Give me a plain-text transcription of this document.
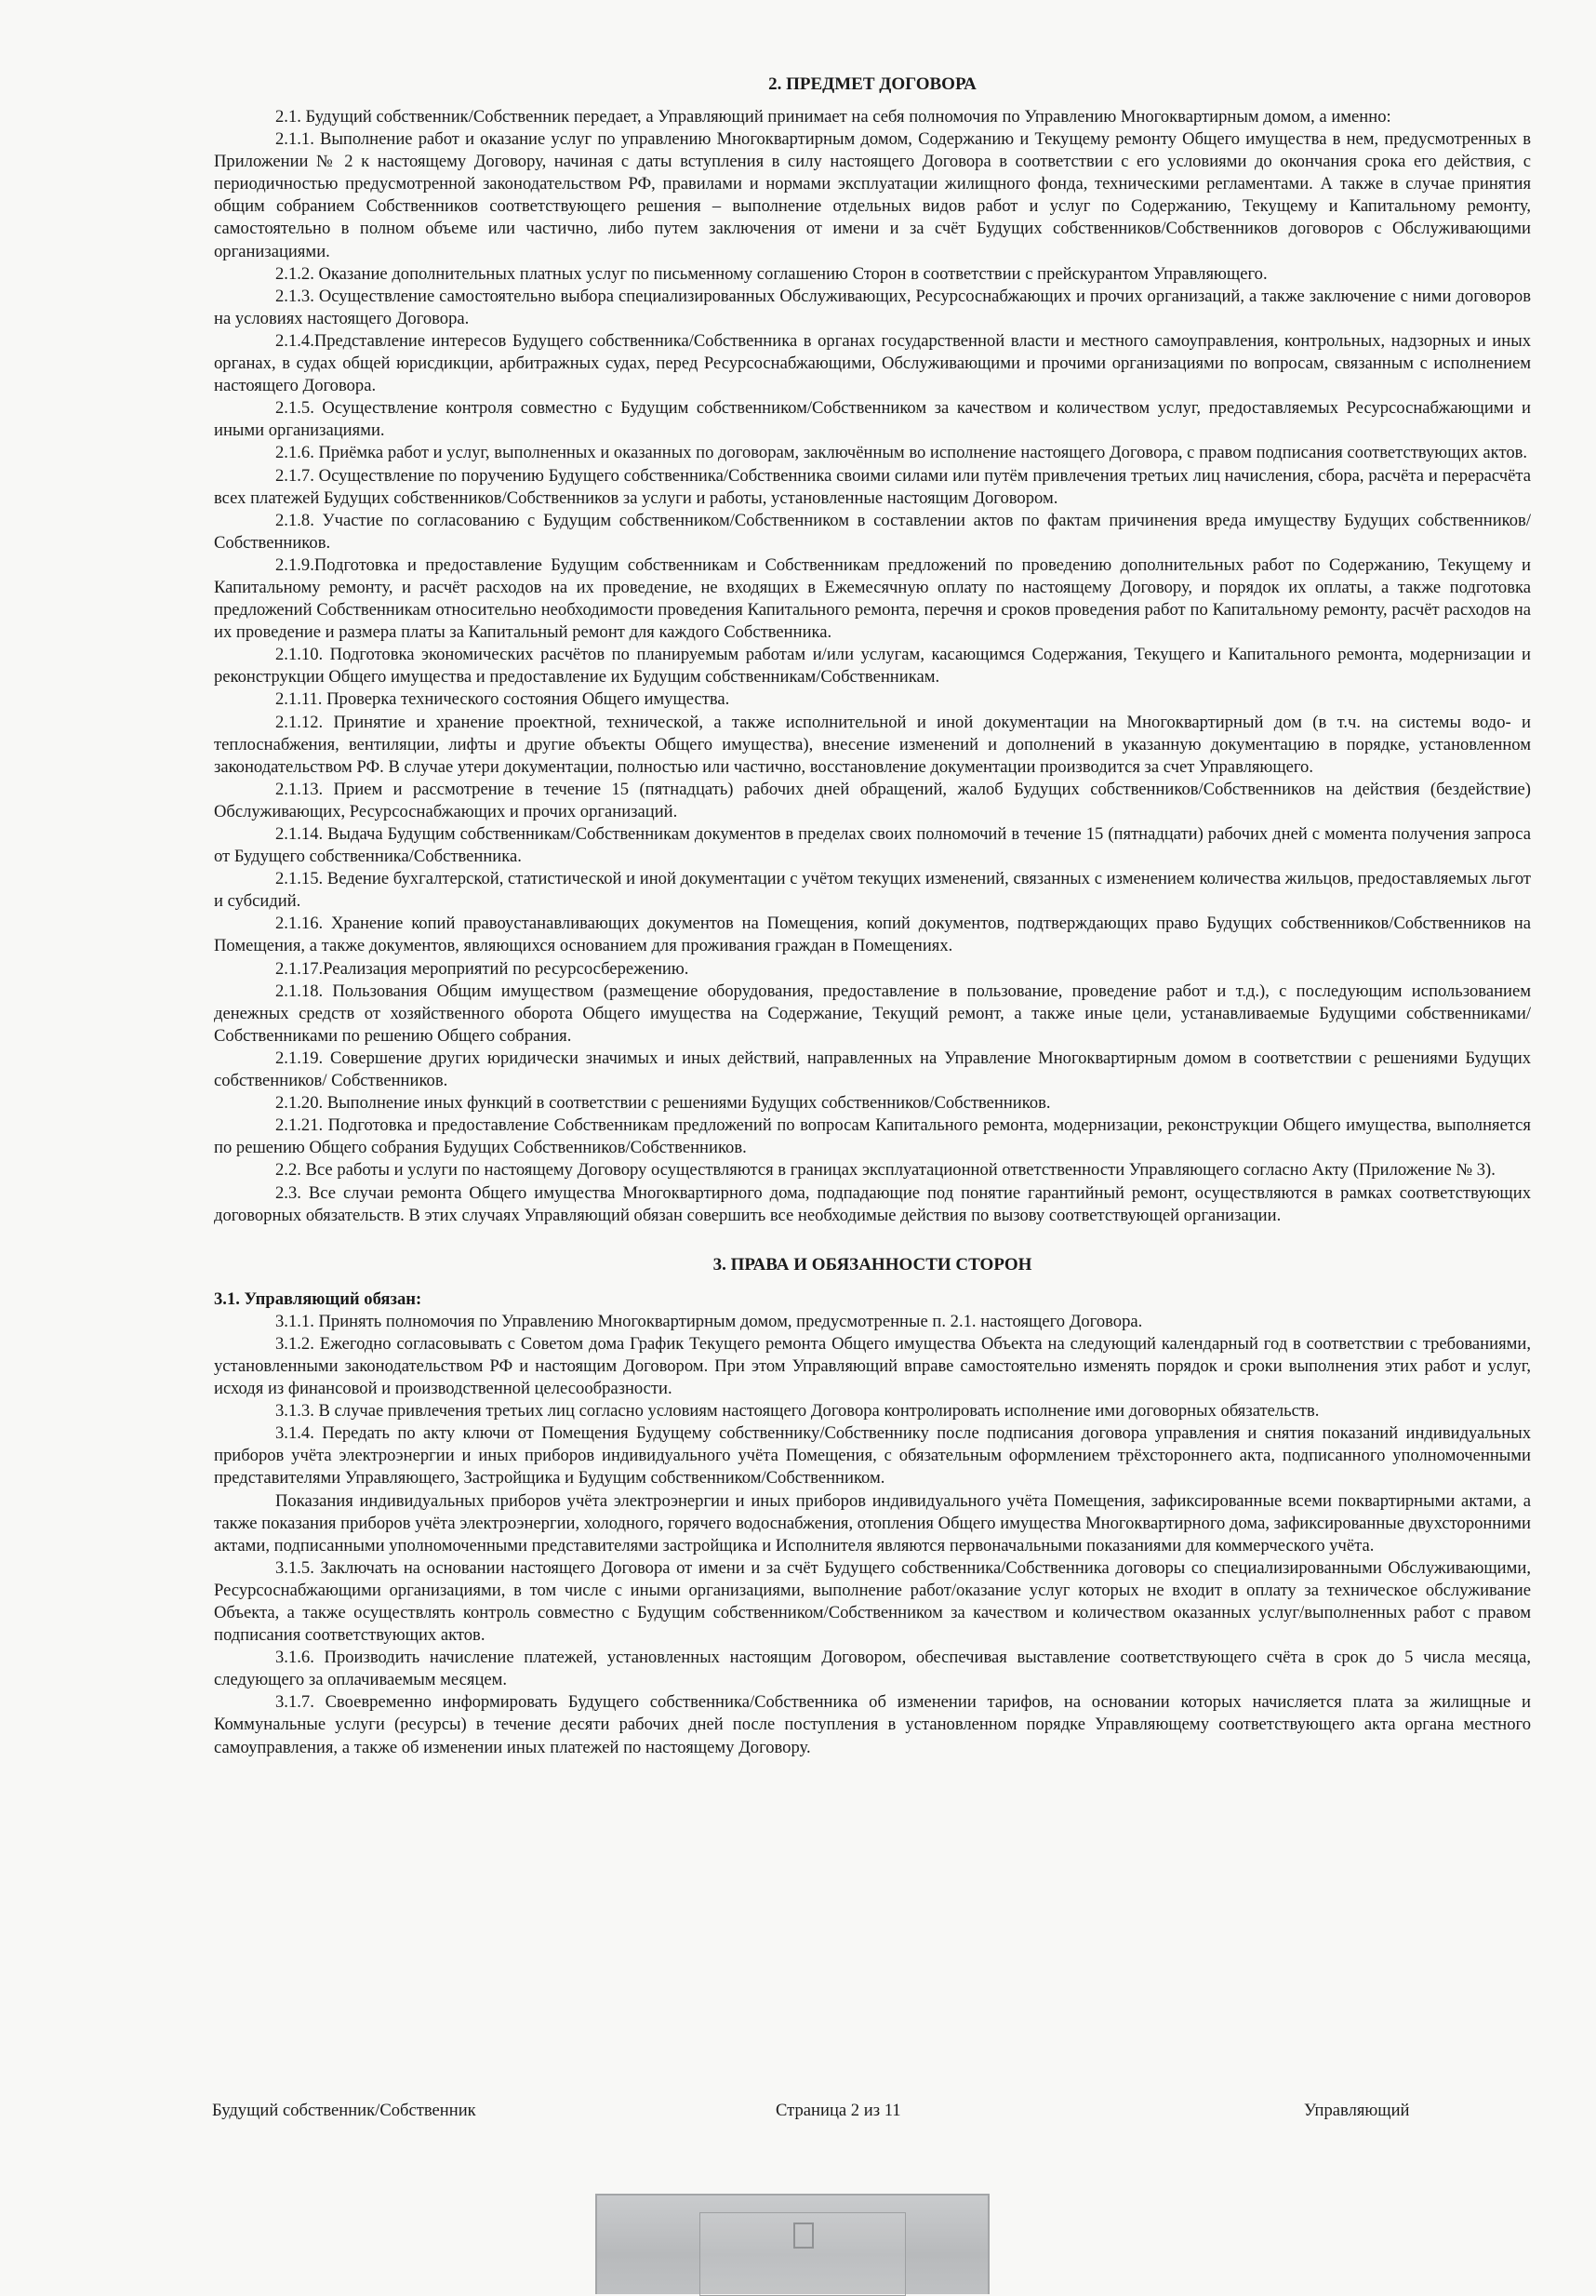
2. ПРЕДМЕТ ДОГОВОРА

2.1. Будущий собственник/Собственник передает, а Управляющий принимает на себя полномочия по Управлению Многоквартирным домом, а именно:

2.1.1. Выполнение работ и оказание услуг по управлению Многоквартирным домом, Содержанию и Текущему ремонту Общего имущества в нем, предусмотренных в Приложении № 2 к настоящему Договору, начиная с даты вступления в силу настоящего Договора в соответствии с его условиями до окончания срока его действия, с периодичностью предусмотренной законодательством РФ, правилами и нормами эксплуатации жилищного фонда, техническими регламентами. А также в случае принятия общим собранием Собственников соответствующего решения – выполнение отдельных видов работ и услуг по Содержанию, Текущему и Капитальному ремонту, самостоятельно в полном объеме или частично, либо путем заключения от имени и за счёт Будущих собственников/Собственников договоров с Обслуживающими организациями.

2.1.2. Оказание дополнительных платных услуг по письменному соглашению Сторон в соответствии с прейскурантом Управляющего.

2.1.3. Осуществление самостоятельно выбора специализированных Обслуживающих, Ресурсоснабжающих и прочих организаций, а также заключение с ними договоров на условиях настоящего Договора.

2.1.4.Представление интересов Будущего собственника/Собственника в органах государственной власти и местного самоуправления, контрольных, надзорных и иных органах, в судах общей юрисдикции, арбитражных судах, перед Ресурсоснабжающими, Обслуживающими и прочими организациями по вопросам, связанным с исполнением настоящего Договора.

2.1.5. Осуществление контроля совместно с Будущим собственником/Собственником за качеством и количеством услуг, предоставляемых Ресурсоснабжающими и иными организациями.

2.1.6. Приёмка работ и услуг, выполненных и оказанных по договорам, заключённым во исполнение настоящего Договора, с правом подписания соответствующих актов.

2.1.7. Осуществление по поручению Будущего собственника/Собственника своими силами или путём привлечения третьих лиц начисления, сбора, расчёта и перерасчёта всех платежей Будущих собственников/Собственников за услуги и работы, установленные настоящим Договором.

2.1.8. Участие по согласованию с Будущим собственником/Собственником в составлении актов по фактам причинения вреда имуществу Будущих собственников/Собственников.

2.1.9.Подготовка и предоставление Будущим собственникам и Собственникам предложений по проведению дополнительных работ по Содержанию, Текущему и Капитальному ремонту, и расчёт расходов на их проведение, не входящих в Ежемесячную оплату по настоящему Договору, и порядок их оплаты, а также подготовка предложений Собственникам относительно необходимости проведения Капитального ремонта, перечня и сроков проведения работ по Капитальному ремонту, расчёт расходов на их проведение и размера платы за Капитальный ремонт для каждого Собственника.

2.1.10. Подготовка экономических расчётов по планируемым работам и/или услугам, касающимся Содержания, Текущего и Капитального ремонта, модернизации и реконструкции Общего имущества и предоставление их Будущим собственникам/Собственникам.

2.1.11. Проверка технического состояния Общего имущества.

2.1.12. Принятие и хранение проектной, технической, а также исполнительной и иной документации на Многоквартирный дом (в т.ч. на системы водо- и теплоснабжения, вентиляции, лифты и другие объекты Общего имущества), внесение изменений и дополнений в указанную документацию в порядке, установленном законодательством РФ. В случае утери документации, полностью или частично, восстановление документации производится за счет Управляющего.

2.1.13. Прием и рассмотрение в течение 15 (пятнадцать) рабочих дней обращений, жалоб Будущих собственников/Собственников на действия (бездействие) Обслуживающих, Ресурсоснабжающих и прочих организаций.

2.1.14. Выдача Будущим собственникам/Собственникам документов в пределах своих полномочий в течение 15 (пятнадцати) рабочих дней с момента получения запроса от Будущего собственника/Собственника.

2.1.15. Ведение бухгалтерской, статистической и иной документации с учётом текущих изменений, связанных с изменением количества жильцов, предоставляемых льгот и субсидий.

2.1.16. Хранение копий правоустанавливающих документов на Помещения, копий документов, подтверждающих право Будущих собственников/Собственников на Помещения, а также документов, являющихся основанием для проживания граждан в Помещениях.

2.1.17.Реализация мероприятий по ресурсосбережению.

2.1.18. Пользования Общим имуществом (размещение оборудования, предоставление в пользование, проведение работ и т.д.), с последующим использованием денежных средств от хозяйственного оборота Общего имущества на Содержание, Текущий ремонт, а также иные цели, устанавливаемые Будущими собственниками/Собственниками по решению Общего собрания.

2.1.19. Совершение других юридически значимых и иных действий, направленных на Управление Многоквартирным домом в соответствии с решениями Будущих собственников/ Собственников.

2.1.20. Выполнение иных функций в соответствии с решениями Будущих собственников/Собственников.

2.1.21. Подготовка и предоставление Собственникам предложений по вопросам Капитального ремонта, модернизации, реконструкции Общего имущества, выполняется по решению Общего собрания Будущих Собственников/Собственников.

2.2. Все работы и услуги по настоящему Договору осуществляются в границах эксплуатационной ответственности Управляющего согласно Акту (Приложение № 3).

2.3. Все случаи ремонта Общего имущества Многоквартирного дома, подпадающие под понятие гарантийный ремонт, осуществляются в рамках соответствующих договорных обязательств. В этих случаях Управляющий обязан совершить все необходимые действия по вызову соответствующей организации.

3. ПРАВА И ОБЯЗАННОСТИ СТОРОН

3.1. Управляющий обязан:

3.1.1. Принять полномочия по Управлению Многоквартирным домом, предусмотренные п. 2.1. настоящего Договора.

3.1.2. Ежегодно согласовывать с Советом дома График Текущего ремонта Общего имущества Объекта на следующий календарный год в соответствии с требованиями, установленными законодательством РФ и настоящим Договором. При этом Управляющий вправе самостоятельно изменять порядок и сроки выполнения этих работ и услуг, исходя из финансовой и производственной целесообразности.

3.1.3. В случае привлечения третьих лиц согласно условиям настоящего Договора контролировать исполнение ими договорных обязательств.

3.1.4. Передать по акту ключи от Помещения Будущему собственнику/Собственнику после подписания договора управления и снятия показаний индивидуальных приборов учёта электроэнергии и иных приборов индивидуального учёта Помещения, с обязательным оформлением трёхстороннего акта, подписанного уполномоченными представителями Управляющего, Застройщика и Будущим собственником/Собственником.

Показания индивидуальных приборов учёта электроэнергии и иных приборов индивидуального учёта Помещения, зафиксированные всеми поквартирными актами, а также показания приборов учёта электроэнергии, холодного, горячего водоснабжения, отопления Общего имущества Многоквартирного дома, зафиксированные двухсторонними актами, подписанными уполномоченными представителями застройщика и Исполнителя являются первоначальными показаниями для коммерческого учёта.

3.1.5. Заключать на основании настоящего Договора от имени и за счёт Будущего собственника/Собственника договоры со специализированными Обслуживающими, Ресурсоснабжающими организациями, в том числе с иными организациями, выполнение работ/оказание услуг которых не входит в оплату за техническое обслуживание Объекта, а также осуществлять контроль совместно с Будущим собственником/Собственником за качеством и количеством оказанных услуг/выполненных работ с правом подписания соответствующих актов.

3.1.6. Производить начисление платежей, установленных настоящим Договором, обеспечивая выставление соответствующего счёта в срок до 5 числа месяца, следующего за оплачиваемым месяцем.

3.1.7. Своевременно информировать Будущего собственника/Собственника об изменении тарифов, на основании которых начисляется плата за жилищные и Коммунальные услуги (ресурсы) в течение десяти рабочих дней после поступления в установленном порядке Управляющему соответствующего акта органа местного самоуправления, а также об изменении иных платежей по настоящему Договору.

Будущий собственник/Собственник	Страница 2 из 11	Управляющий
